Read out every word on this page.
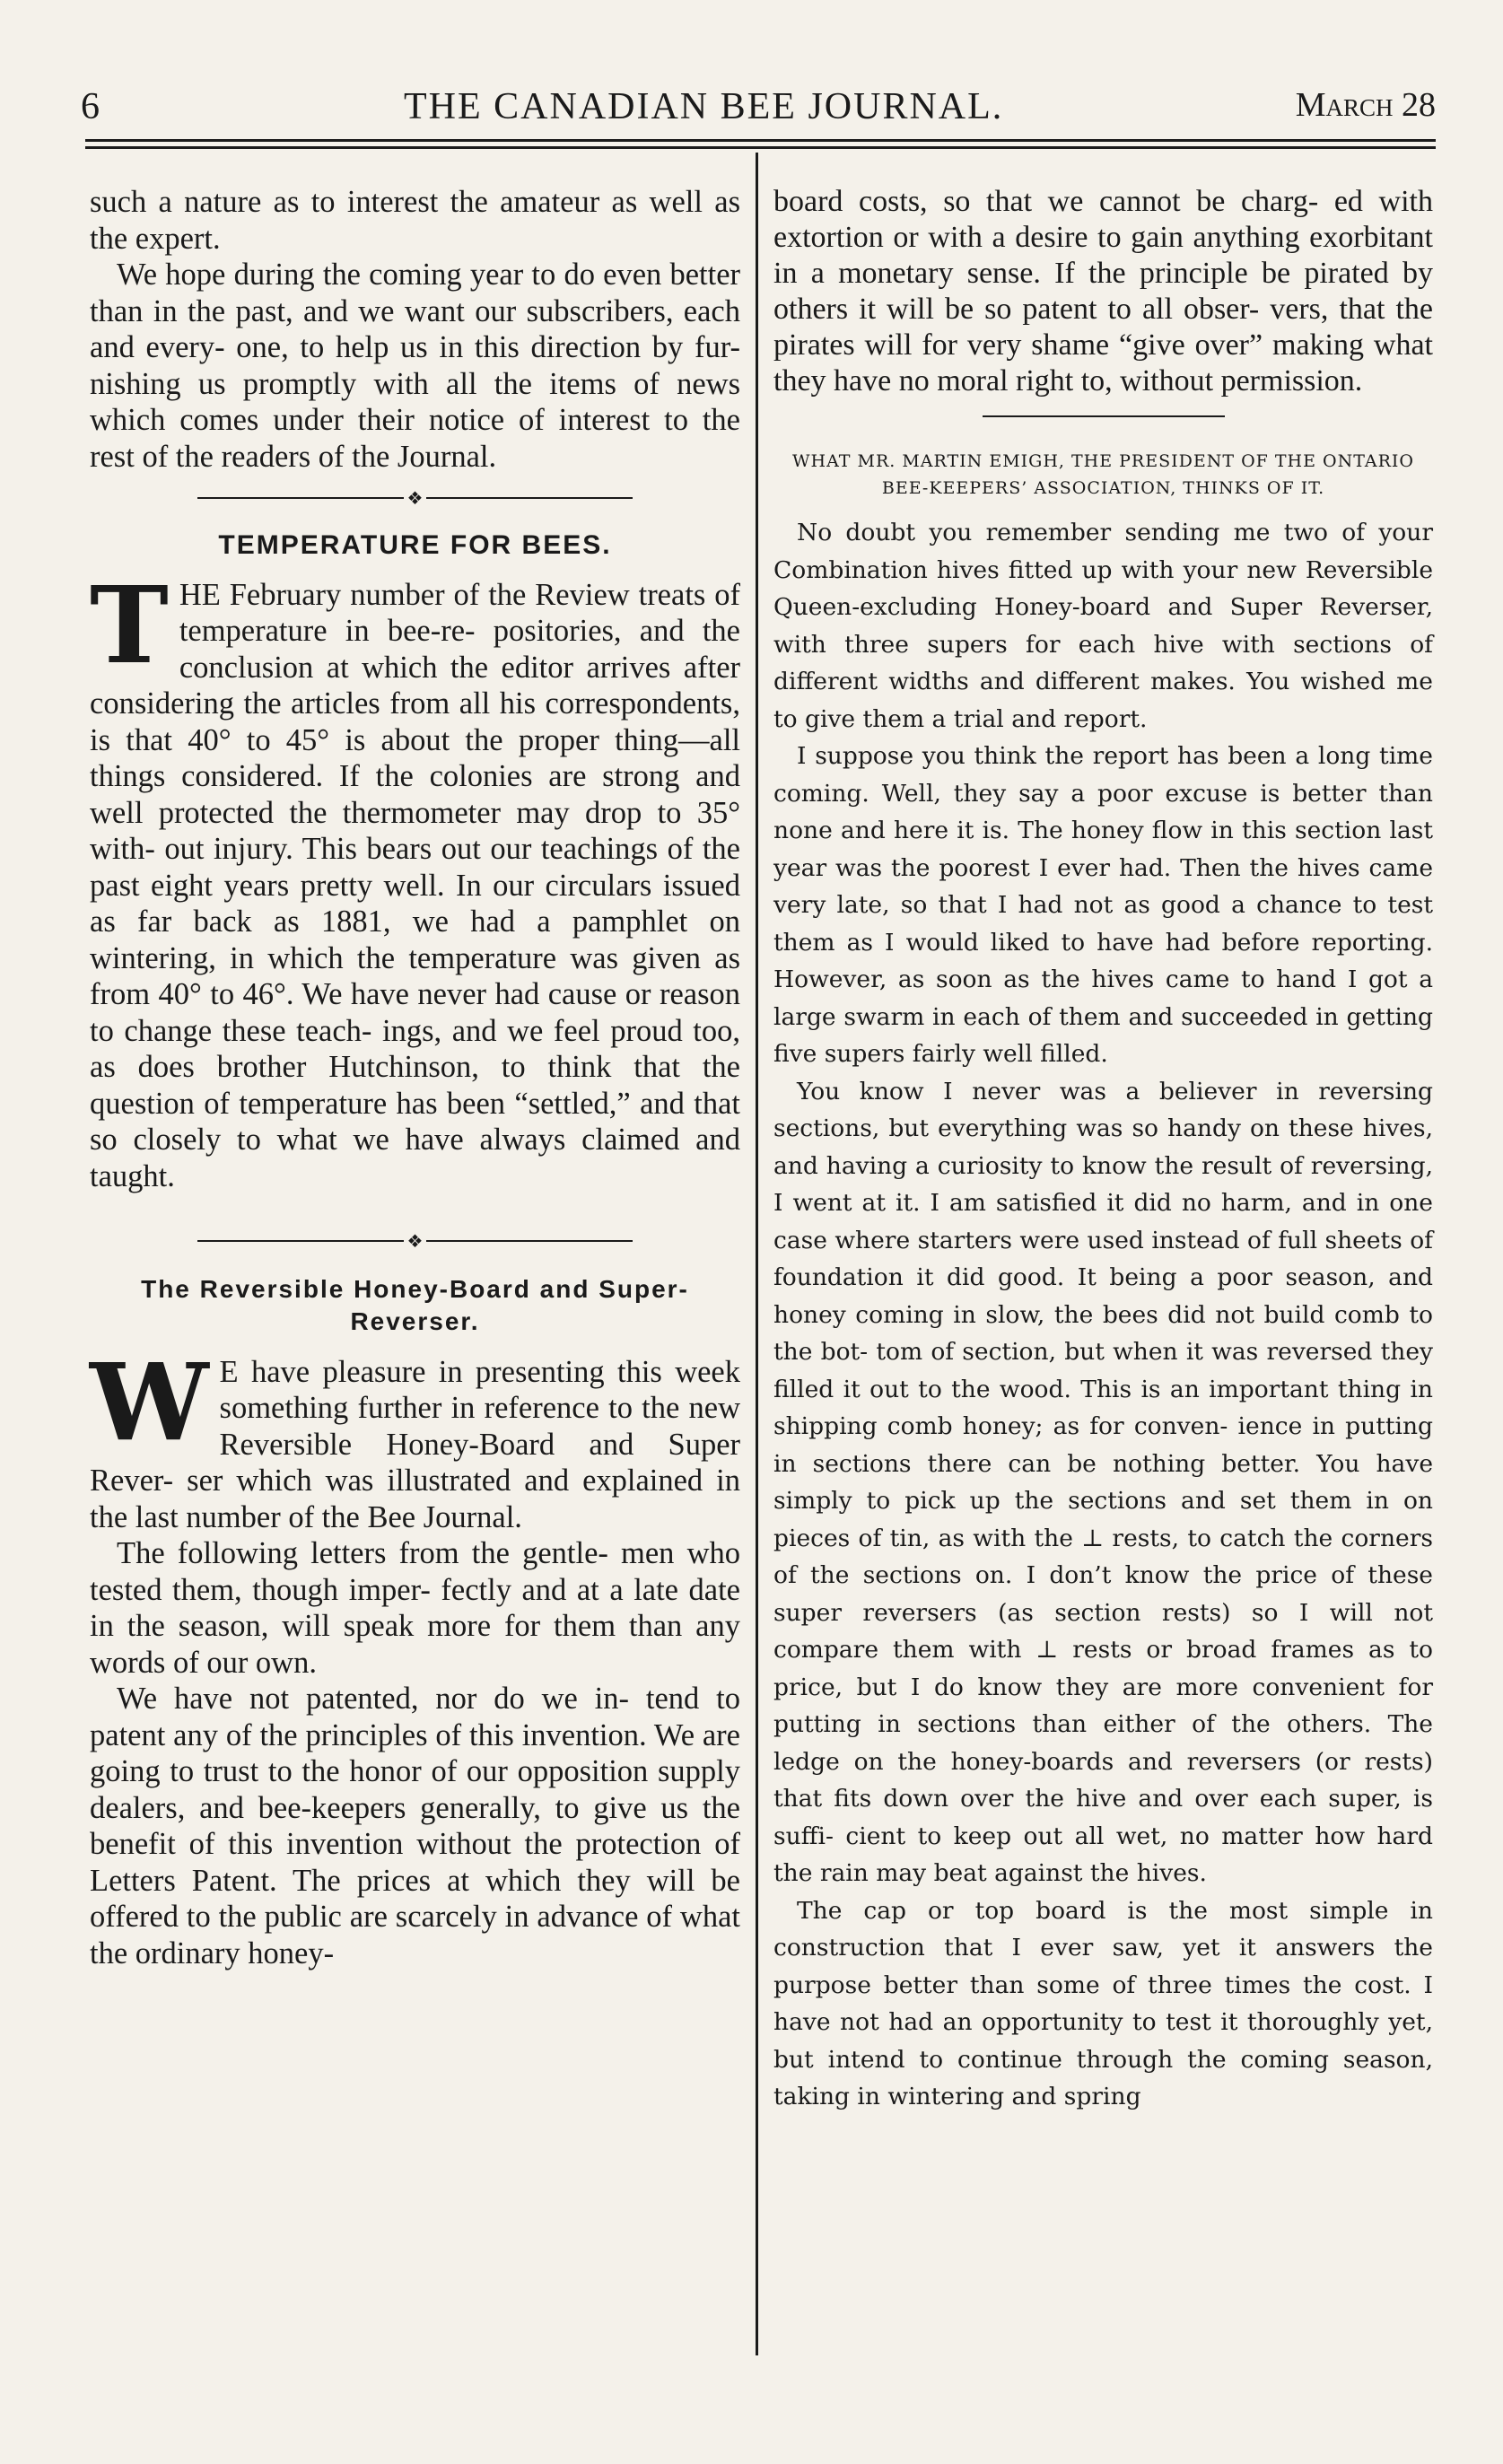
6	THE CANADIAN BEE JOURNAL.	March 28
such a nature as to interest the amateur as well as the expert.
We hope during the coming year to do even better than in the past, and we want our subscribers, each and every- one, to help us in this direction by fur- nishing us promptly with all the items of news which comes under their notice of interest to the rest of the readers of the Journal.
❖
TEMPERATURE FOR BEES.
T HE February number of the Review treats of temperature in bee-re- positories, and the conclusion at which the editor arrives after considering the articles from all his correspondents, is that 40° to 45° is about the proper thing—all things considered. If the colonies are strong and well protected the thermometer may drop to 35° with- out injury. This bears out our teachings of the past eight years pretty well. In our circulars issued as far back as 1881, we had a pamphlet on wintering, in which the temperature was given as from 40° to 46°. We have never had cause or reason to change these teach- ings, and we feel proud too, as does brother Hutchinson, to think that the question of temperature has been “settled,” and that so closely to what we have always claimed and taught.
❖
The Reversible Honey-Board and Super-Reverser.
W E have pleasure in presenting this week something further in reference to the new Reversible Honey-Board and Super Rever- ser which was illustrated and explained in the last number of the Bee Journal.
The following letters from the gentle- men who tested them, though imper- fectly and at a late date in the season, will speak more for them than any words of our own.
We have not patented, nor do we in- tend to patent any of the principles of this invention. We are going to trust to the honor of our opposition supply dealers, and bee-keepers generally, to give us the benefit of this invention without the protection of Letters Patent. The prices at which they will be offered to the public are scarcely in advance of what the ordinary honey-
board costs, so that we cannot be charg- ed with extortion or with a desire to gain anything exorbitant in a monetary sense. If the principle be pirated by others it will be so patent to all obser- vers, that the pirates will for very shame “give over” making what they have no moral right to, without permission.
WHAT MR. MARTIN EMIGH, THE PRESIDENT OF THE ONTARIO BEE-KEEPERS’ ASSOCIATION, THINKS OF IT.
No doubt you remember sending me two of your Combination hives fitted up with your new Reversible Queen-excluding Honey-board and Super Reverser, with three supers for each hive with sections of different widths and different makes. You wished me to give them a trial and report.
I suppose you think the report has been a long time coming. Well, they say a poor excuse is better than none and here it is. The honey flow in this section last year was the poorest I ever had. Then the hives came very late, so that I had not as good a chance to test them as I would liked to have had before reporting. However, as soon as the hives came to hand I got a large swarm in each of them and succeeded in getting five supers fairly well filled.
You know I never was a believer in reversing sections, but everything was so handy on these hives, and having a curiosity to know the result of reversing, I went at it. I am satisfied it did no harm, and in one case where starters were used instead of full sheets of foundation it did good. It being a poor season, and honey coming in slow, the bees did not build comb to the bot- tom of section, but when it was reversed they filled it out to the wood. This is an important thing in shipping comb honey; as for conven- ience in putting in sections there can be nothing better. You have simply to pick up the sections and set them in on pieces of tin, as with the ⊥ rests, to catch the corners of the sections on. I don’t know the price of these super reversers (as section rests) so I will not compare them with ⊥ rests or broad frames as to price, but I do know they are more convenient for putting in sections than either of the others. The ledge on the honey-boards and reversers (or rests) that fits down over the hive and over each super, is suffi- cient to keep out all wet, no matter how hard the rain may beat against the hives.
The cap or top board is the most simple in construction that I ever saw, yet it answers the purpose better than some of three times the cost. I have not had an opportunity to test it thoroughly yet, but intend to continue through the coming season, taking in wintering and spring
